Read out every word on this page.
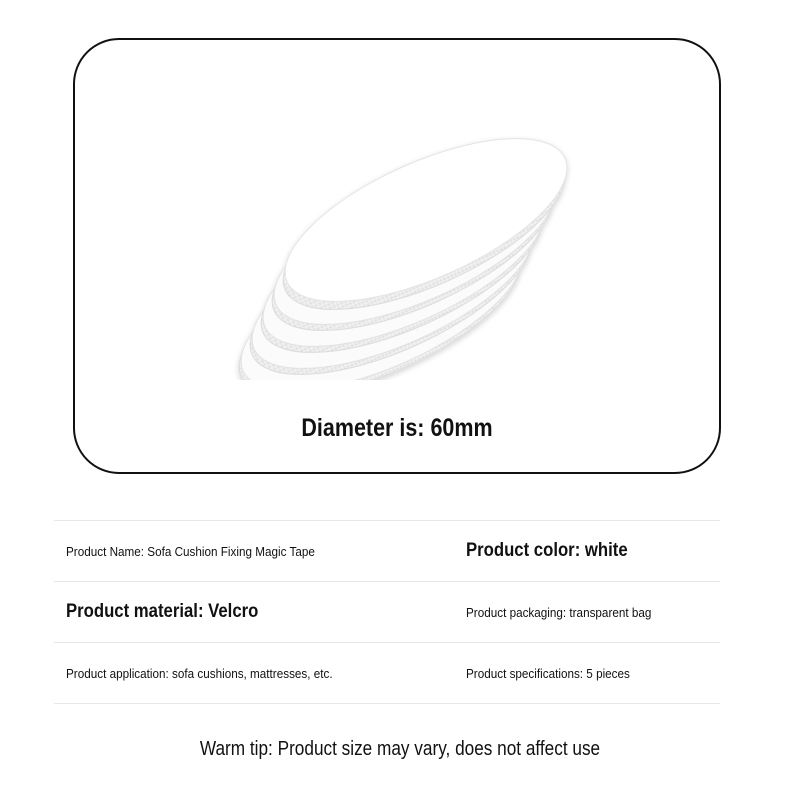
Diameter is: 60mm
Product Name: Sofa Cushion Fixing Magic Tape	Product color: white
Product material: Velcro	Product packaging: transparent bag
Product application: sofa cushions, mattresses, etc.	Product specifications: 5 pieces
Warm tip: Product size may vary, does not affect use
